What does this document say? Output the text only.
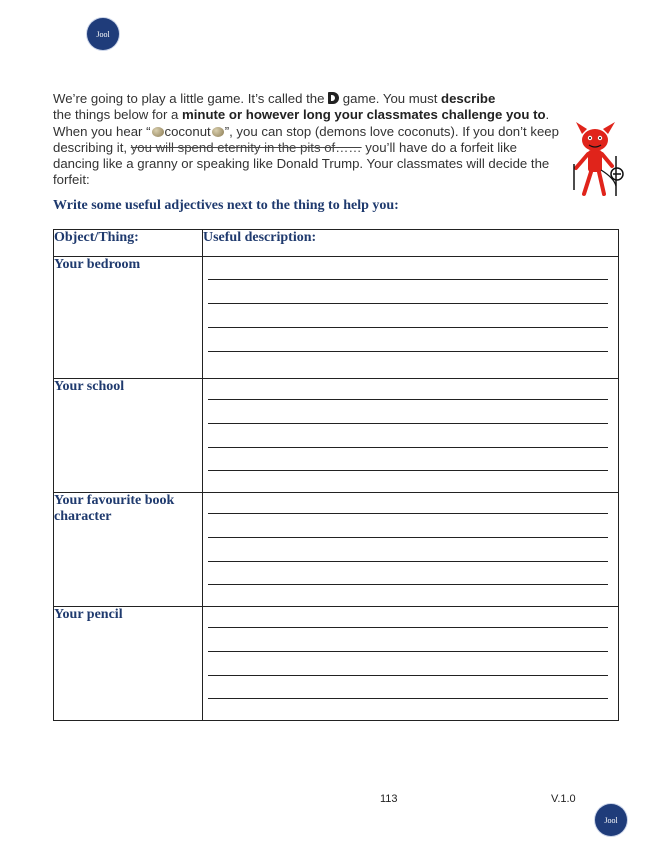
Jool
We’re going to play a little game. It’s called the  game. You must describe
the things below for a minute or however long your classmates challenge you to. When you hear “ coconut ”, you can stop (demons love coconuts). If you don’t keep describing it, you will spend eternity in the pits of…… you’ll have do a forfeit like dancing like a granny or speaking like Donald Trump. Your classmates will decide the forfeit:
Write some useful adjectives next to the thing to help you:
Object/Thing:	Useful description:
Your bedroom	

Your school	

Your favourite book character	

Your pencil	
113	V.1.0
Jool
